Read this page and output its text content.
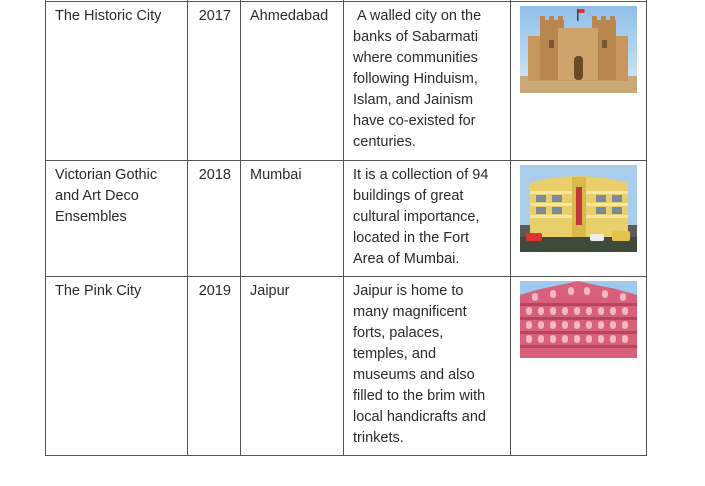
The Historic City	2017	Ahmedabad	A walled city on the banks of Sabarmati where communities following Hinduism, Islam, and Jainism have co-existed for centuries.	

Victorian Gothic and Art Deco Ensembles	2018	Mumbai	It is a collection of 94 buildings of great cultural importance, located in the Fort Area of Mumbai.	

The Pink City	2019	Jaipur	Jaipur is home to many magnificent forts, palaces, temples, and museums and also filled to the brim with local handicrafts and trinkets.	
